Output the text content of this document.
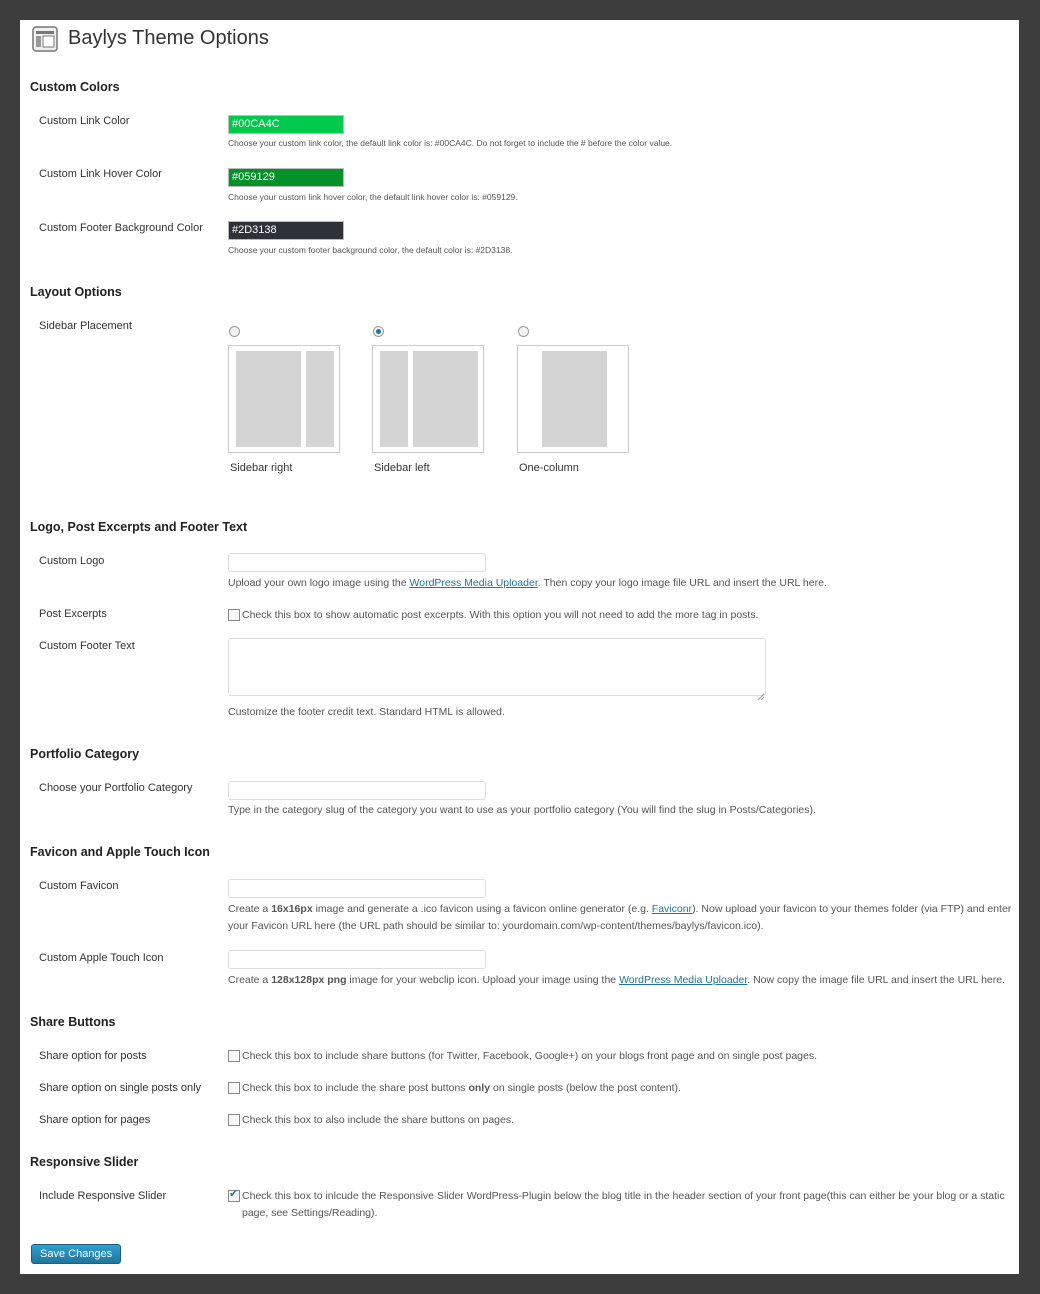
Baylys Theme Options
Custom Colors
Custom Link Color	#00CA4C
Choose your custom link color, the default link color is: #00CA4C. Do not forget to include the # before the color value.
Custom Link Hover Color	#059129
Choose your custom link hover color, the default link hover color is: #059129.
Custom Footer Background Color	#2D3138
Choose your custom footer background color, the default color is: #2D3138.
Layout Options
Sidebar Placement
Sidebar right	Sidebar left	One-column
Logo, Post Excerpts and Footer Text
Custom Logo
Upload your own logo image using the WordPress Media Uploader. Then copy your logo image file URL and insert the URL here.
Post Excerpts	Check this box to show automatic post excerpts. With this option you will not need to add the more tag in posts.
Custom Footer Text
Customize the footer credit text. Standard HTML is allowed.
Portfolio Category
Choose your Portfolio Category
Type in the category slug of the category you want to use as your portfolio category (You will find the slug in Posts/Categories).
Favicon and Apple Touch Icon
Custom Favicon
Create a 16x16px image and generate a .ico favicon using a favicon online generator (e.g. Faviconr). Now upload your favicon to your themes folder (via FTP) and enter your Favicon URL here (the URL path should be similar to: yourdomain.com/wp-content/themes/baylys/favicon.ico).
Custom Apple Touch Icon
Create a 128x128px png image for your webclip icon. Upload your image using the WordPress Media Uploader. Now copy the image file URL and insert the URL here.
Share Buttons
Share option for posts	Check this box to include share buttons (for Twitter, Facebook, Google+) on your blogs front page and on single post pages.
Share option on single posts only	Check this box to include the share post buttons only on single posts (below the post content).
Share option for pages	Check this box to also include the share buttons on pages.
Responsive Slider
Include Responsive Slider	✔ Check this box to inlcude the Responsive Slider WordPress-Plugin below the blog title in the header section of your front page(this can either be your blog or a static page, see Settings/Reading).
Save Changes
